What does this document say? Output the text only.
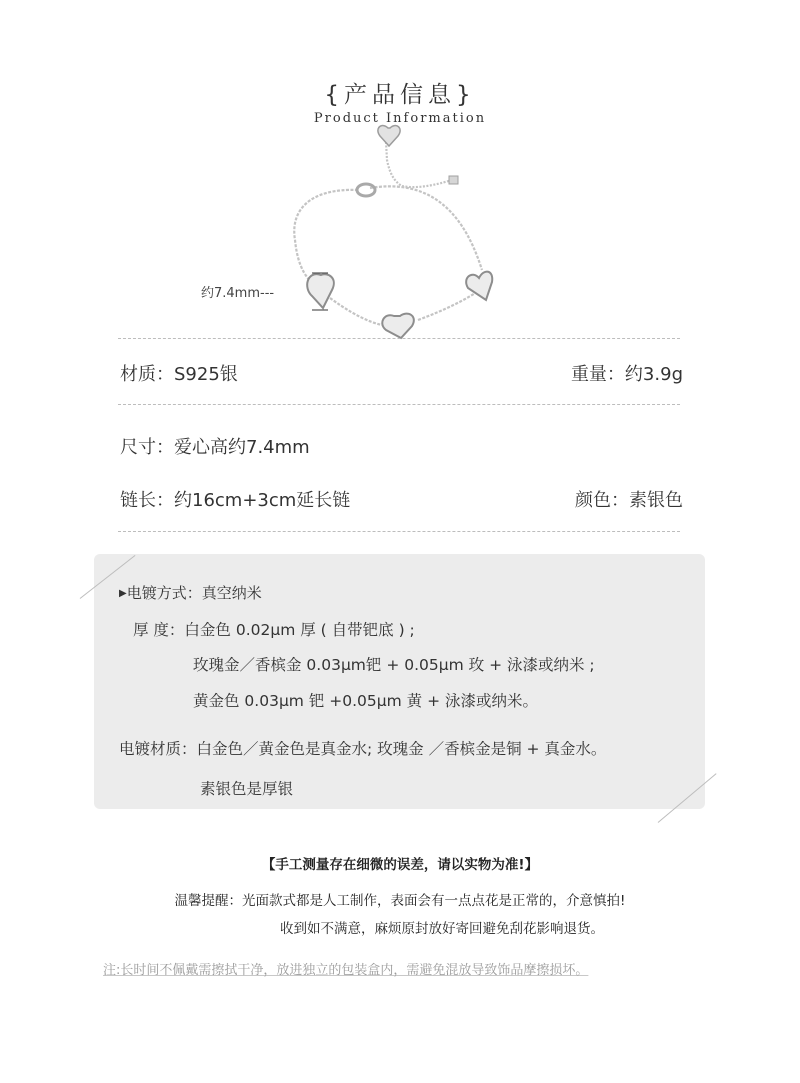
{产品信息}
Product Information
约7.4mm---
材质：S925银	重量：约3.9g
尺寸：爱心高约7.4mm
链长：约16cm+3cm延长链	颜色：素银色
▶电镀方式：真空纳米
厚 度：白金色 0.02μm 厚 ( 自带钯底 ) ;
玫瑰金／香槟金 0.03μm钯 + 0.05μm 玫 + 泳漆或纳米 ;
黄金色 0.03μm 钯 +0.05μm 黄 + 泳漆或纳米。
电镀材质：白金色／黄金色是真金水; 玫瑰金 ／香槟金是铜 + 真金水。
素银色是厚银
【手工测量存在细微的误差，请以实物为准!】
温馨提醒：光面款式都是人工制作，表面会有一点点花是正常的，介意慎拍!
收到如不满意，麻烦原封放好寄回避免刮花影响退货。
注:长时间不佩戴需擦拭干净，放进独立的包装盒内，需避免混放导致饰品摩擦损坏。
